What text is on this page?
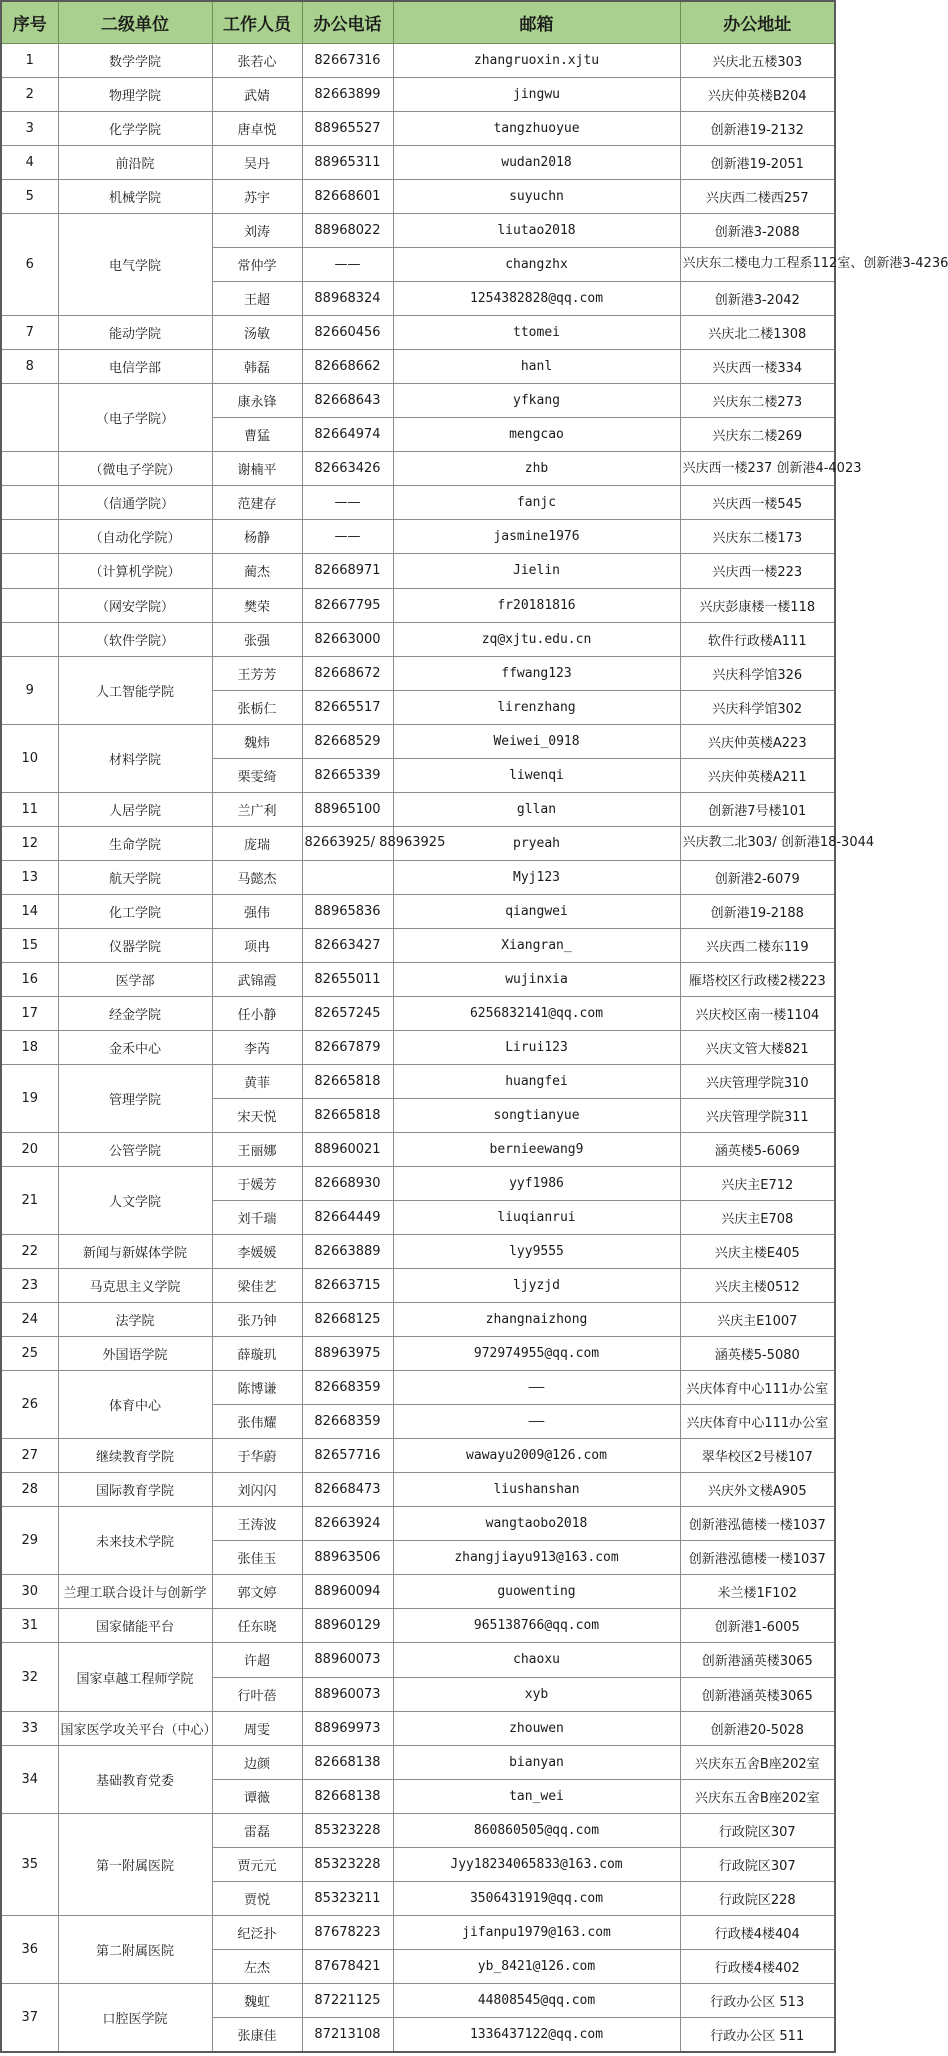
序号	二级单位	工作人员	办公电话	邮箱	办公地址
1	数学学院	张若心	82667316	zhangruoxin.xjtu	兴庆北五楼303
2	物理学院	武婧	82663899	jingwu	兴庆仲英楼B204
3	化学学院	唐卓悦	88965527	tangzhuoyue	创新港19-2132
4	前沿院	吴丹	88965311	wudan2018	创新港19-2051
5	机械学院	苏宇	82668601	suyuchn	兴庆西二楼西257
6	电气学院	刘涛	88968022	liutao2018	创新港3-2088
		常仲学	——	changzhx	兴庆东二楼电力工程系112室、创新港3-4236
		王超	88968324	1254382828@qq.com	创新港3-2042
7	能动学院	汤敏	82660456	ttomei	兴庆北二楼1308
8	电信学部	韩磊	82668662	hanl	兴庆西一楼334
	（电子学院）	康永锋	82668643	yfkang	兴庆东二楼273
		曹猛	82664974	mengcao	兴庆东二楼269
	（微电子学院）	谢楠平	82663426	zhb	兴庆西一楼237 创新港4-4023
	（信通学院）	范建存	——	fanjc	兴庆西一楼545
	（自动化学院）	杨静	——	jasmine1976	兴庆东二楼173
	（计算机学院）	蔺杰	82668971	Jielin	兴庆西一楼223
	（网安学院）	樊荣	82667795	fr20181816	兴庆彭康楼一楼118
	（软件学院）	张强	82663000	zq@xjtu.edu.cn	软件行政楼A111
9	人工智能学院	王芳芳	82668672	ffwang123	兴庆科学馆326
		张栃仁	82665517	lirenzhang	兴庆科学馆302
10	材料学院	魏炜	82668529	Weiwei_0918	兴庆仲英楼A223
		栗雯绮	82665339	liwenqi	兴庆仲英楼A211
11	人居学院	兰广利	88965100	gllan	创新港7号楼101
12	生命学院	庞瑞	82663925/ 88963925	pryeah	兴庆教二北303/ 创新港18-3044
13	航天学院	马懿杰		Myj123	创新港2-6079
14	化工学院	强伟	88965836	qiangwei	创新港19-2188
15	仪器学院	项冉	82663427	Xiangran_	兴庆西二楼东119
16	医学部	武锦霞	82655011	wujinxia	雁塔校区行政楼2楼223
17	经金学院	任小静	82657245	6256832141@qq.com	兴庆校区南一楼1104
18	金禾中心	李芮	82667879	Lirui123	兴庆文管大楼821
19	管理学院	黄菲	82665818	huangfei	兴庆管理学院310
		宋天悦	82665818	songtianyue	兴庆管理学院311
20	公管学院	王丽娜	88960021	bernieewang9	涵英楼5-6069
21	人文学院	于媛芳	82668930	yyf1986	兴庆主E712
		刘千瑞	82664449	liuqianrui	兴庆主E708
22	新闻与新媒体学院	李媛媛	82663889	lyy9555	兴庆主楼E405
23	马克思主义学院	梁佳艺	82663715	ljyzjd	兴庆主楼0512
24	法学院	张乃钟	82668125	zhangnaizhong	兴庆主E1007
25	外国语学院	薛璇玑	88963975	972974955@qq.com	涵英楼5-5080
26	体育中心	陈博谦	82668359	——	兴庆体育中心111办公室
		张伟耀	82668359	——	兴庆体育中心111办公室
27	继续教育学院	于华蔚	82657716	wawayu2009@126.com	翠华校区2号楼107
28	国际教育学院	刘闪闪	82668473	liushanshan	兴庆外文楼A905
29	未来技术学院	王涛波	82663924	wangtaobo2018	创新港泓德楼一楼1037
		张佳玉	88963506	zhangjiayu913@163.com	创新港泓德楼一楼1037
30	兰理工联合设计与创新学	郭文婷	88960094	guowenting	米兰楼1F102
31	国家储能平台	任东晓	88960129	965138766@qq.com	创新港1-6005
32	国家卓越工程师学院	许超	88960073	chaoxu	创新港涵英楼3065
		行叶蓓	88960073	xyb	创新港涵英楼3065
33	国家医学攻关平台（中心）	周雯	88969973	zhouwen	创新港20-5028
34	基础教育党委	边颜	82668138	bianyan	兴庆东五舍B座202室
		谭薇	82668138	tan_wei	兴庆东五舍B座202室
35	第一附属医院	雷磊	85323228	860860505@qq.com	行政院区307
		贾元元	85323228	Jyy18234065833@163.com	行政院区307
		贾悦	85323211	3506431919@qq.com	行政院区228
36	第二附属医院	纪泛扑	87678223	jifanpu1979@163.com	行政楼4楼404
		左杰	87678421	yb_8421@126.com	行政楼4楼402
37	口腔医学院	魏虹	87221125	44808545@qq.com	行政办公区 513
		张康佳	87213108	1336437122@qq.com	行政办公区 511
